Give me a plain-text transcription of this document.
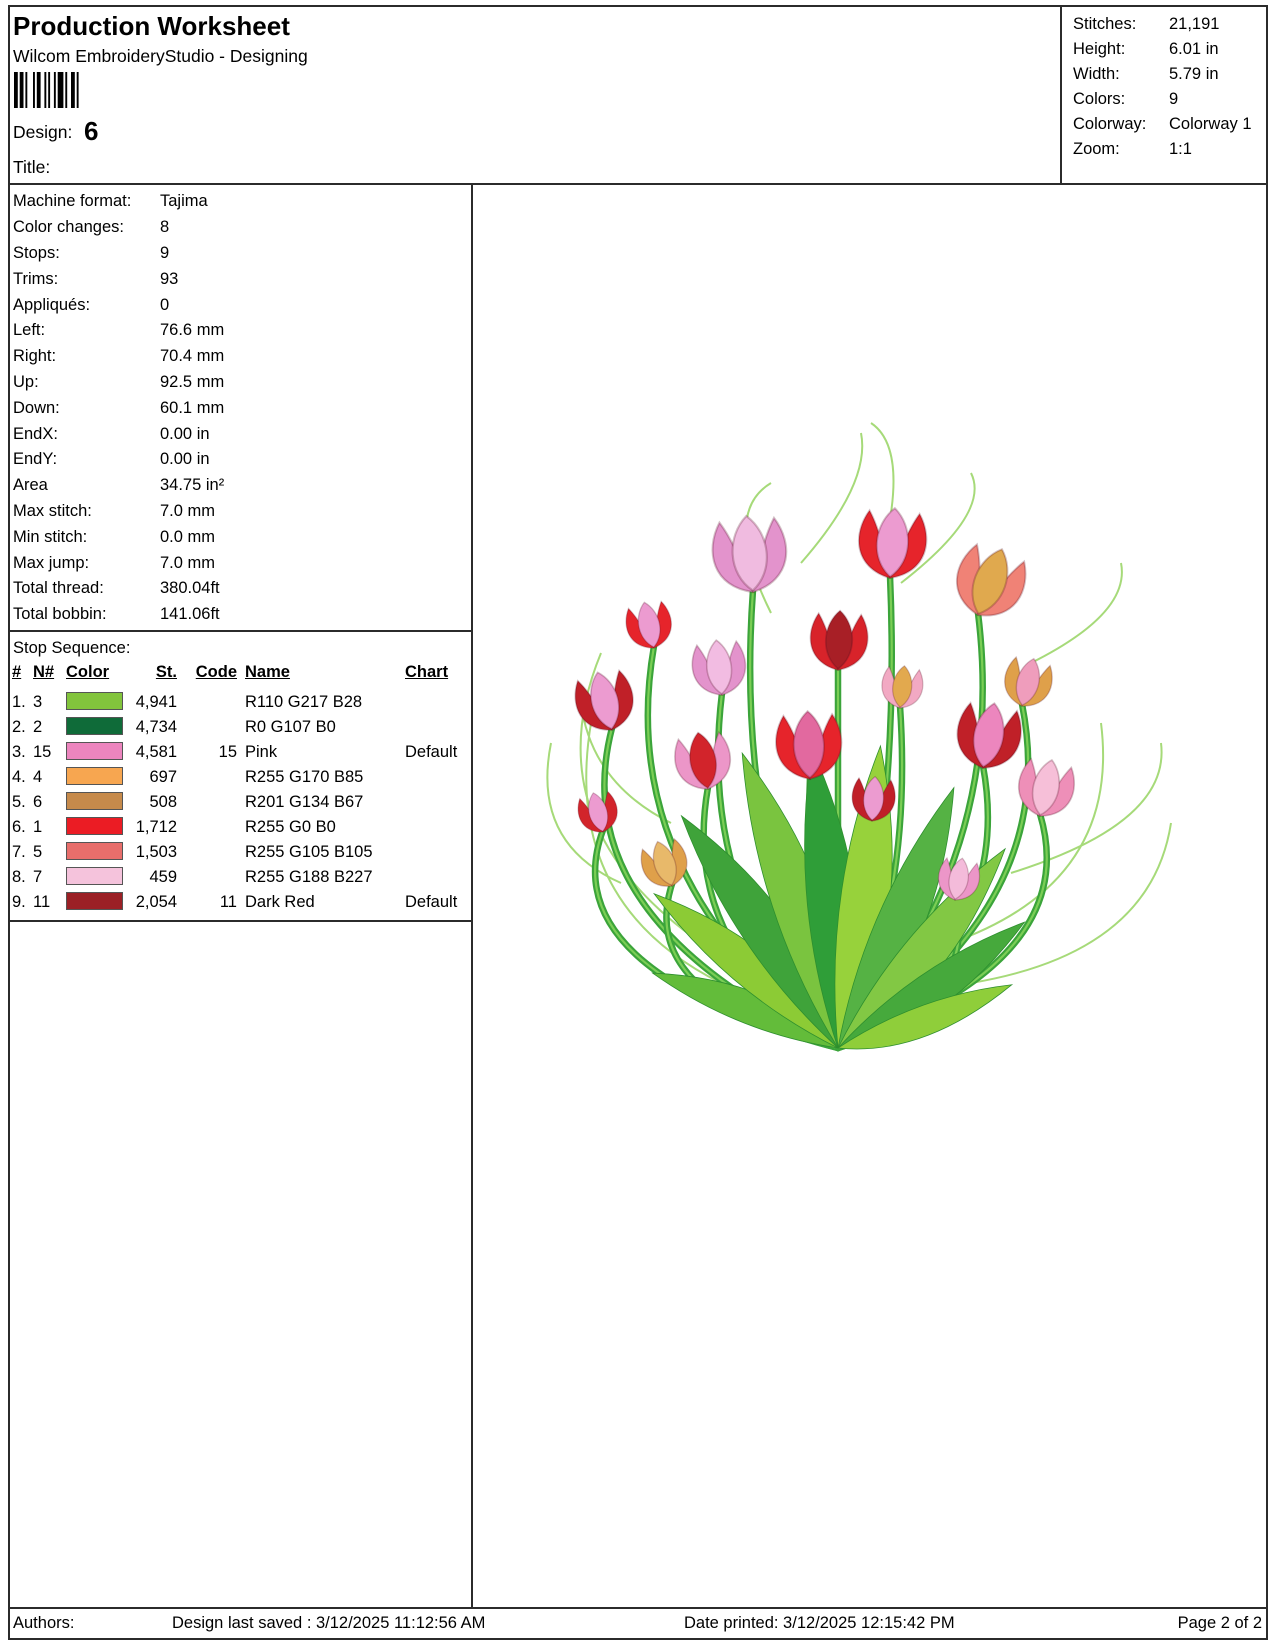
Production Worksheet
Wilcom EmbroideryStudio - Designing
Design: 6
Title:
Stitches:	21,191
Height:	6.01 in
Width:	5.79 in
Colors:	9
Colorway:	Colorway 1
Zoom:	1:1
Machine format:	Tajima
Color changes:	8
Stops:	9
Trims:	93
Appliqués:	0
Left:	76.6 mm
Right:	70.4 mm
Up:	92.5 mm
Down:	60.1 mm
EndX:	0.00 in
EndY:	0.00 in
Area	34.75 in²
Max stitch:	7.0 mm
Min stitch:	0.0 mm
Max jump:	7.0 mm
Total thread:	380.04ft
Total bobbin:	141.06ft
Stop Sequence:
# N# Color	St.	Code Name	Chart
1. 3	4,941	R110 G217 B28
2. 2	4,734	R0 G107 B0
3. 15	4,581	15 Pink	Default
4. 4	697	R255 G170 B85
5. 6	508	R201 G134 B67
6. 1	1,712	R255 G0 B0
7. 5	1,503	R255 G105 B105
8. 7	459	R255 G188 B227
9. 11	2,054	11 Dark Red	Default
Authors:	Design last saved : 3/12/2025 11:12:56 AM	Date printed: 3/12/2025 12:15:42 PM	Page 2 of 2
